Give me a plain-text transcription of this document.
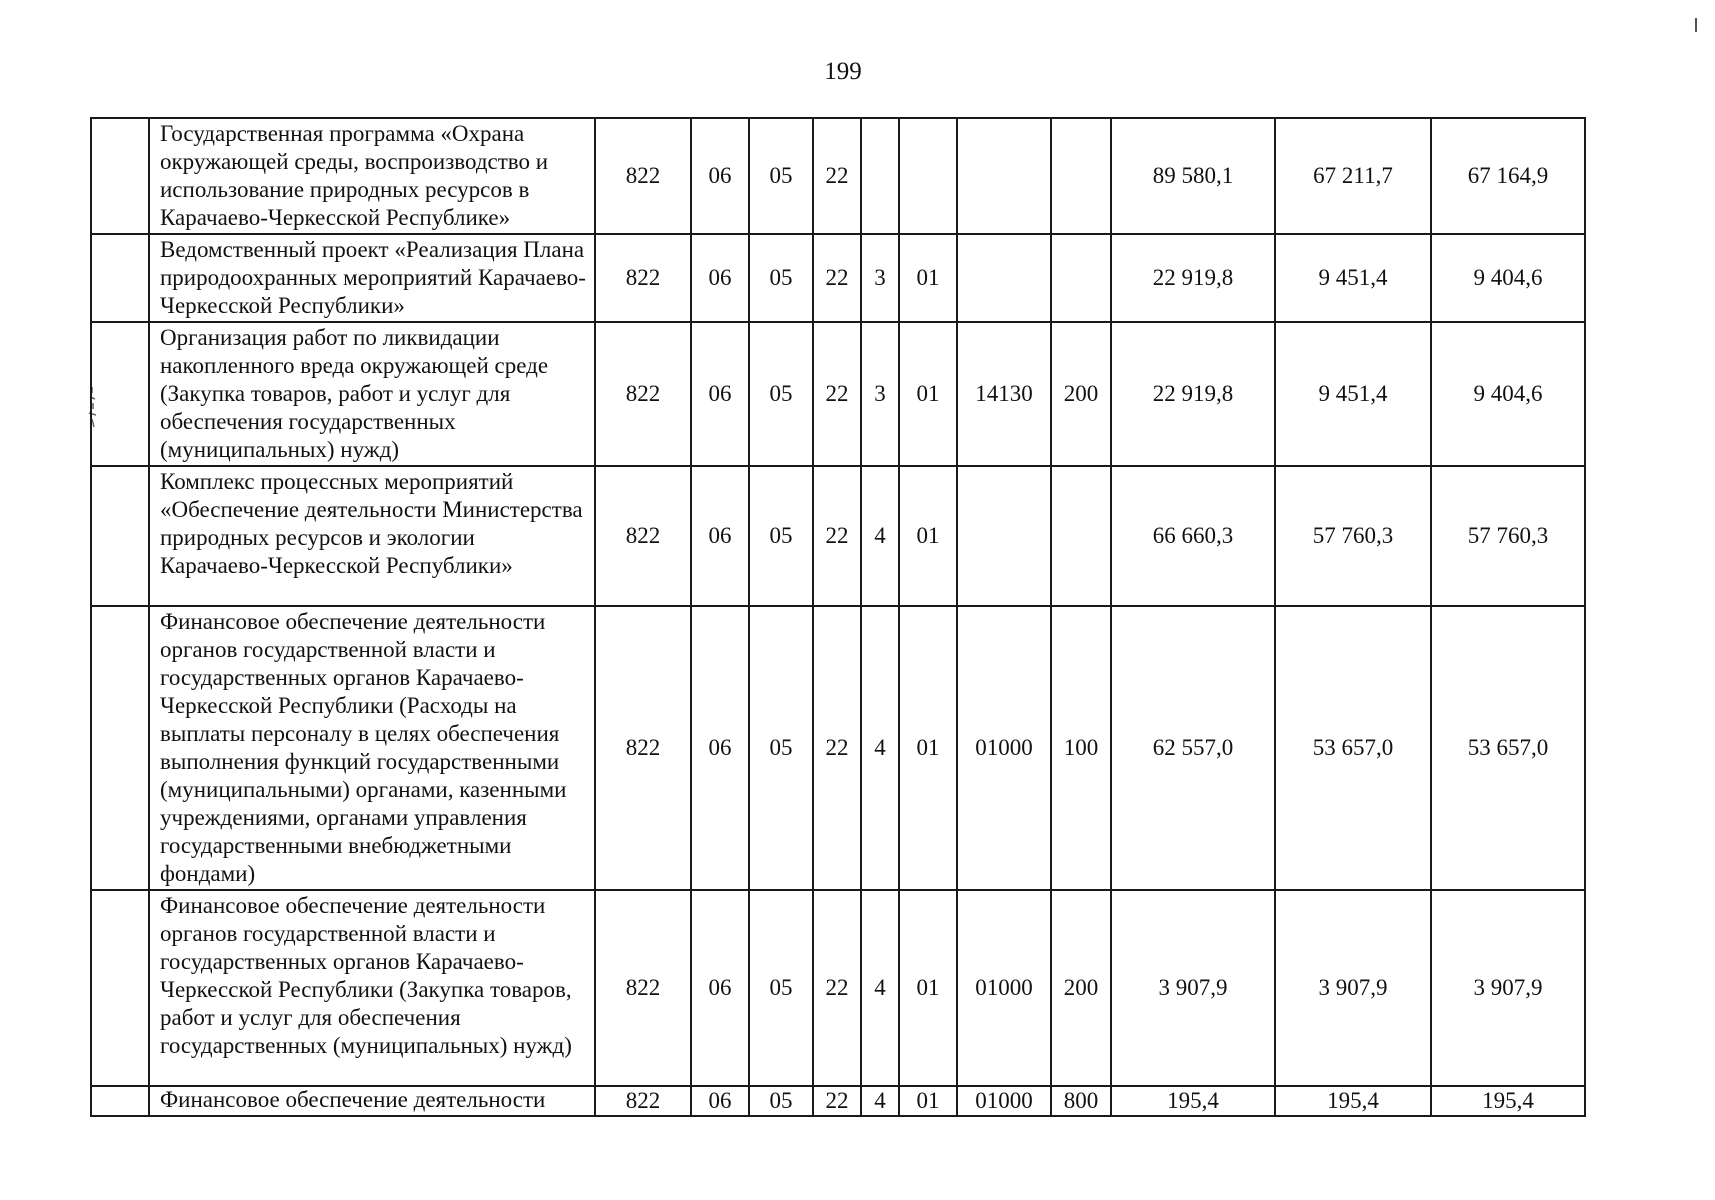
199
	Государственная программа «Охрана окружающей среды, воспроизводство и использование природных ресурсов в Карачаево-Черкесской Республике»	822	06	05	22					89 580,1	67 211,7	67 164,9
	Ведомственный проект «Реализация Плана природоохранных мероприятий Карачаево-Черкесской Республики»	822	06	05	22	3	01			22 919,8	9 451,4	9 404,6
	Организация работ по ликвидации накопленного вреда окружающей среде (Закупка товаров, работ и услуг для обеспечения государственных (муниципальных) нужд)	822	06	05	22	3	01	14130	200	22 919,8	9 451,4	9 404,6
	Комплекс процессных мероприятий «Обеспечение деятельности Министерства природных ресурсов и экологии Карачаево-Черкесской Республики»	822	06	05	22	4	01			66 660,3	57 760,3	57 760,3
	Финансовое обеспечение деятельности органов государственной власти и государственных органов Карачаево-Черкесской Республики (Расходы на выплаты персоналу в целях обеспечения выполнения функций государственными (муниципальными) органами, казенными учреждениями, органами управления государственными внебюджетными фондами)	822	06	05	22	4	01	01000	100	62 557,0	53 657,0	53 657,0
	Финансовое обеспечение деятельности органов государственной власти и государственных органов Карачаево-Черкесской Республики (Закупка товаров, работ и услуг для обеспечения государственных (муниципальных) нужд)	822	06	05	22	4	01	01000	200	3 907,9	3 907,9	3 907,9
	Финансовое обеспечение деятельности	822	06	05	22	4	01	01000	800	195,4	195,4	195,4
